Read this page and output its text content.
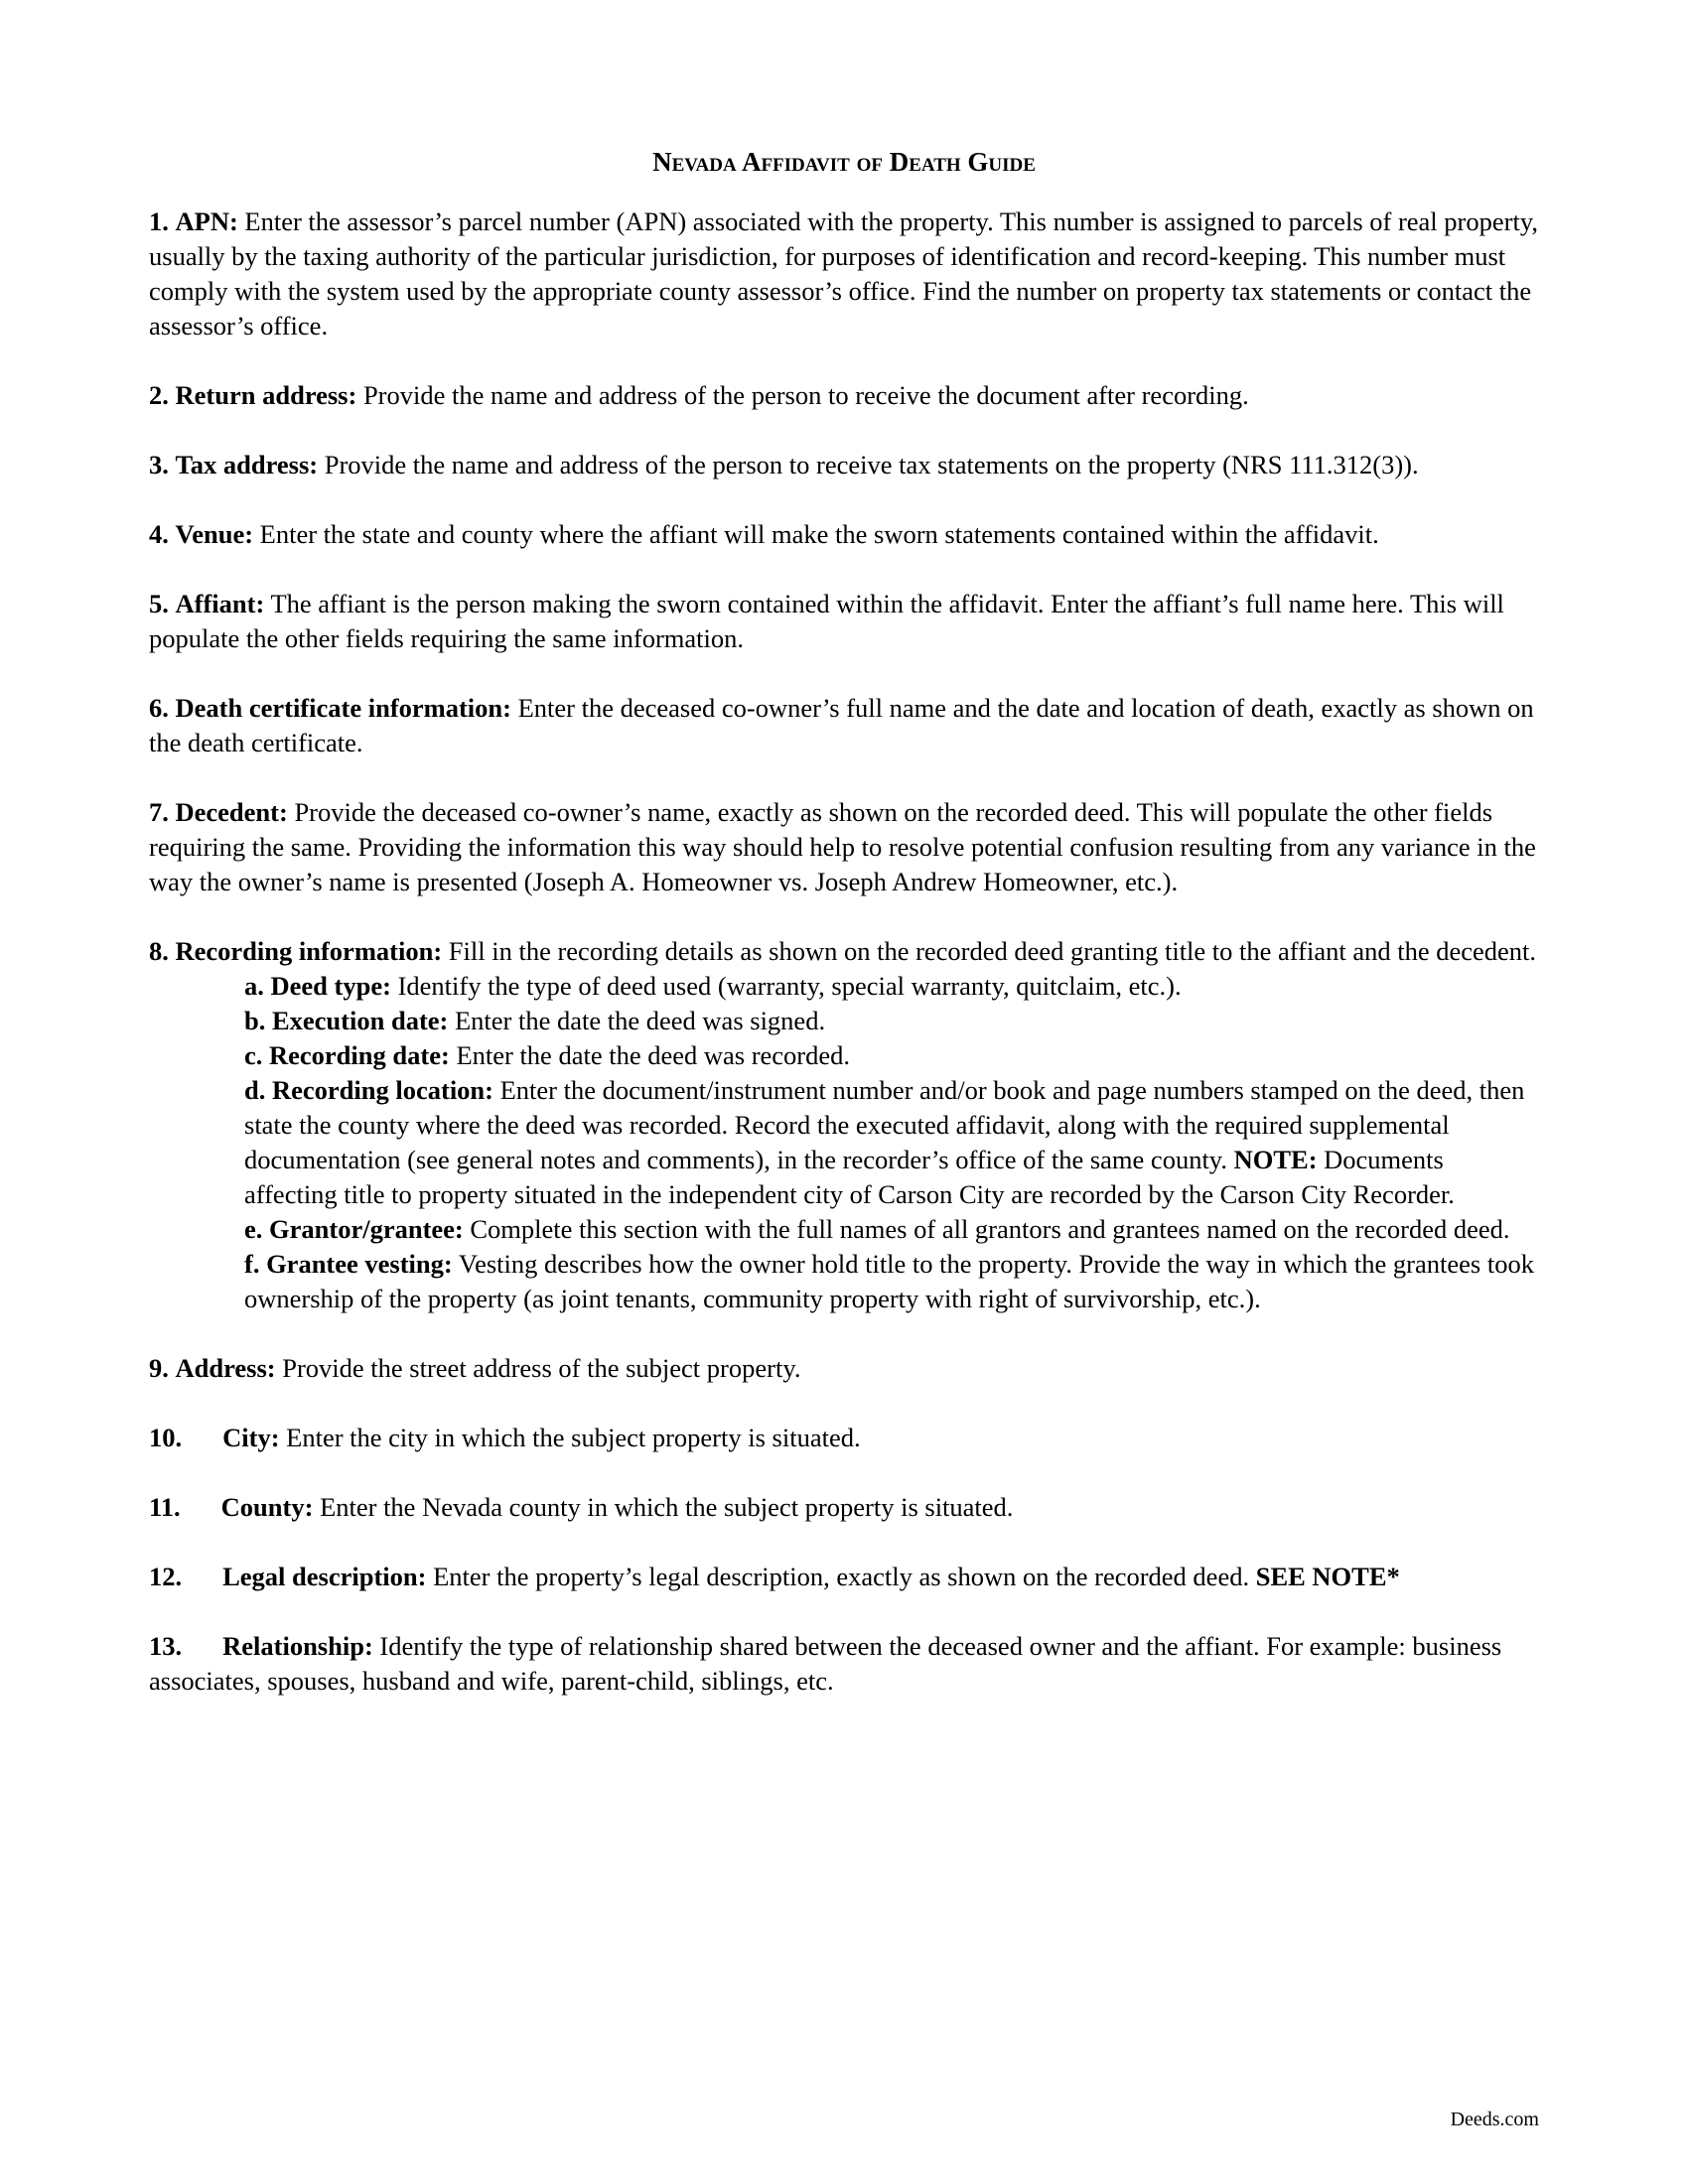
Nevada Affidavit of Death Guide
1. APN: Enter the assessor’s parcel number (APN) associated with the property. This number is assigned to parcels of real property, usually by the taxing authority of the particular jurisdiction, for purposes of identification and record-keeping. This number must comply with the system used by the appropriate county assessor’s office. Find the number on property tax statements or contact the assessor’s office.
2. Return address: Provide the name and address of the person to receive the document after recording.
3. Tax address: Provide the name and address of the person to receive tax statements on the property (NRS 111.312(3)).
4. Venue: Enter the state and county where the affiant will make the sworn statements contained within the affidavit.
5. Affiant: The affiant is the person making the sworn contained within the affidavit. Enter the affiant’s full name here. This will populate the other fields requiring the same information.
6. Death certificate information: Enter the deceased co-owner’s full name and the date and location of death, exactly as shown on the death certificate.
7. Decedent: Provide the deceased co-owner’s name, exactly as shown on the recorded deed. This will populate the other fields requiring the same. Providing the information this way should help to resolve potential confusion resulting from any variance in the way the owner’s name is presented (Joseph A. Homeowner vs. Joseph Andrew Homeowner, etc.).
8. Recording information: Fill in the recording details as shown on the recorded deed granting title to the affiant and the decedent.
a. Deed type: Identify the type of deed used (warranty, special warranty, quitclaim, etc.).
b. Execution date: Enter the date the deed was signed.
c. Recording date: Enter the date the deed was recorded.
d. Recording location: Enter the document/instrument number and/or book and page numbers stamped on the deed, then state the county where the deed was recorded. Record the executed affidavit, along with the required supplemental documentation (see general notes and comments), in the recorder’s office of the same county. NOTE: Documents affecting title to property situated in the independent city of Carson City are recorded by the Carson City Recorder.
e. Grantor/grantee: Complete this section with the full names of all grantors and grantees named on the recorded deed.
f. Grantee vesting: Vesting describes how the owner hold title to the property. Provide the way in which the grantees took ownership of the property (as joint tenants, community property with right of survivorship, etc.).
9. Address: Provide the street address of the subject property.
10. City: Enter the city in which the subject property is situated.
11. County: Enter the Nevada county in which the subject property is situated.
12. Legal description: Enter the property’s legal description, exactly as shown on the recorded deed. SEE NOTE*
13. Relationship: Identify the type of relationship shared between the deceased owner and the affiant. For example: business associates, spouses, husband and wife, parent-child, siblings, etc.
Deeds.com
